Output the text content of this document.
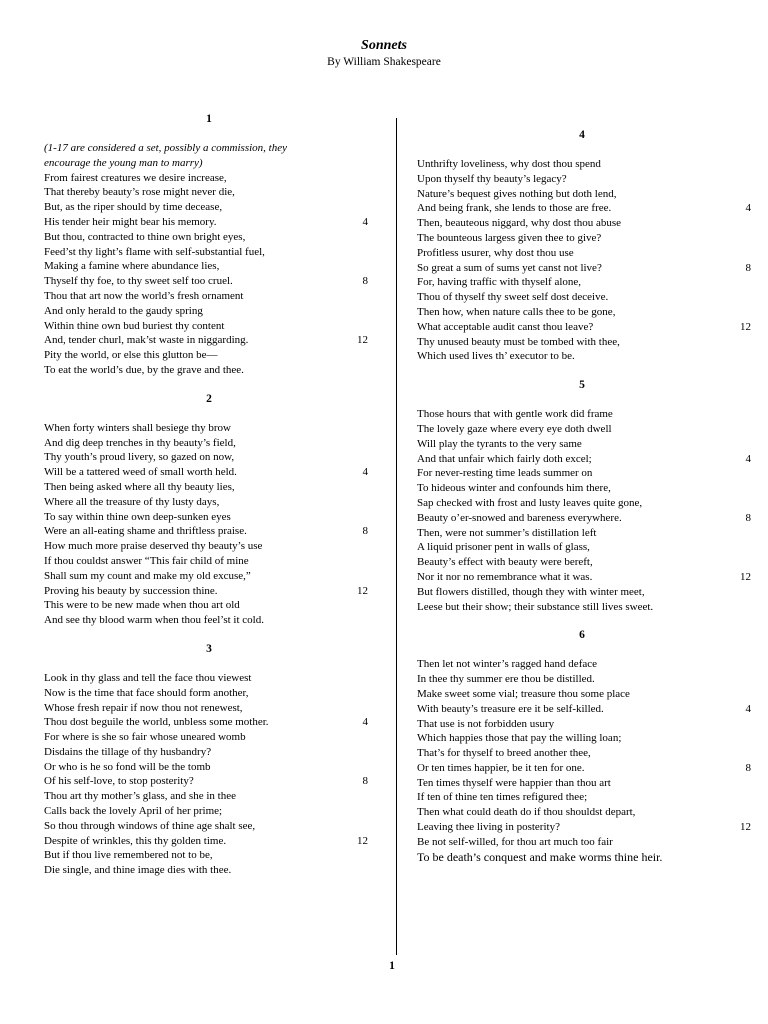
Sonnets
By William Shakespeare
1
(1-17 are considered a set, possibly a commission, they encourage the young man to marry)
From fairest creatures we desire increase,
That thereby beauty’s rose might never die,
But, as the riper should by time decease,
His tender heir might bear his memory.	4
But thou, contracted to thine own bright eyes,
Feed’st thy light’s flame with self-substantial fuel,
Making a famine where abundance lies,
Thyself thy foe, to thy sweet self too cruel.	8
Thou that art now the world’s fresh ornament
And only herald to the gaudy spring
Within thine own bud buriest thy content
And, tender churl, mak’st waste in niggarding.	12
Pity the world, or else this glutton be—
To eat the world’s due, by the grave and thee.
2
When forty winters shall besiege thy brow
And dig deep trenches in thy beauty’s field,
Thy youth’s proud livery, so gazed on now,
Will be a tattered weed of small worth held.	4
Then being asked where all thy beauty lies,
Where all the treasure of thy lusty days,
To say within thine own deep-sunken eyes
Were an all-eating shame and thriftless praise.	8
How much more praise deserved thy beauty’s use
If thou couldst answer “This fair child of mine
Shall sum my count and make my old excuse,”
Proving his beauty by succession thine.	12
This were to be new made when thou art old
And see thy blood warm when thou feel’st it cold.
3
Look in thy glass and tell the face thou viewest
Now is the time that face should form another,
Whose fresh repair if now thou not renewest,
Thou dost beguile the world, unbless some mother.	4
For where is she so fair whose uneared womb
Disdains the tillage of thy husbandry?
Or who is he so fond will be the tomb
Of his self-love, to stop posterity?	8
Thou art thy mother’s glass, and she in thee
Calls back the lovely April of her prime;
So thou through windows of thine age shalt see,
Despite of wrinkles, this thy golden time.	12
But if thou live remembered not to be,
Die single, and thine image dies with thee.
4
Unthrifty loveliness, why dost thou spend
Upon thyself thy beauty’s legacy?
Nature’s bequest gives nothing but doth lend,
And being frank, she lends to those are free.	4
Then, beauteous niggard, why dost thou abuse
The bounteous largess given thee to give?
Profitless usurer, why dost thou use
So great a sum of sums yet canst not live?	8
For, having traffic with thyself alone,
Thou of thyself thy sweet self dost deceive.
Then how, when nature calls thee to be gone,
What acceptable audit canst thou leave?	12
Thy unused beauty must be tombed with thee,
Which used lives th’ executor to be.
5
Those hours that with gentle work did frame
The lovely gaze where every eye doth dwell
Will play the tyrants to the very same
And that unfair which fairly doth excel;	4
For never-resting time leads summer on
To hideous winter and confounds him there,
Sap checked with frost and lusty leaves quite gone,
Beauty o’er-snowed and bareness everywhere.	8
Then, were not summer’s distillation left
A liquid prisoner pent in walls of glass,
Beauty’s effect with beauty were bereft,
Nor it nor no remembrance what it was.	12
But flowers distilled, though they with winter meet,
Leese but their show; their substance still lives sweet.
6
Then let not winter’s ragged hand deface
In thee thy summer ere thou be distilled.
Make sweet some vial; treasure thou some place
With beauty’s treasure ere it be self-killed.	4
That use is not forbidden usury
Which happies those that pay the willing loan;
That’s for thyself to breed another thee,
Or ten times happier, be it ten for one.	8
Ten times thyself were happier than thou art
If ten of thine ten times refigured thee;
Then what could death do if thou shouldst depart,
Leaving thee living in posterity?	12
Be not self-willed, for thou art much too fair
To be death’s conquest and make worms thine heir.
1
